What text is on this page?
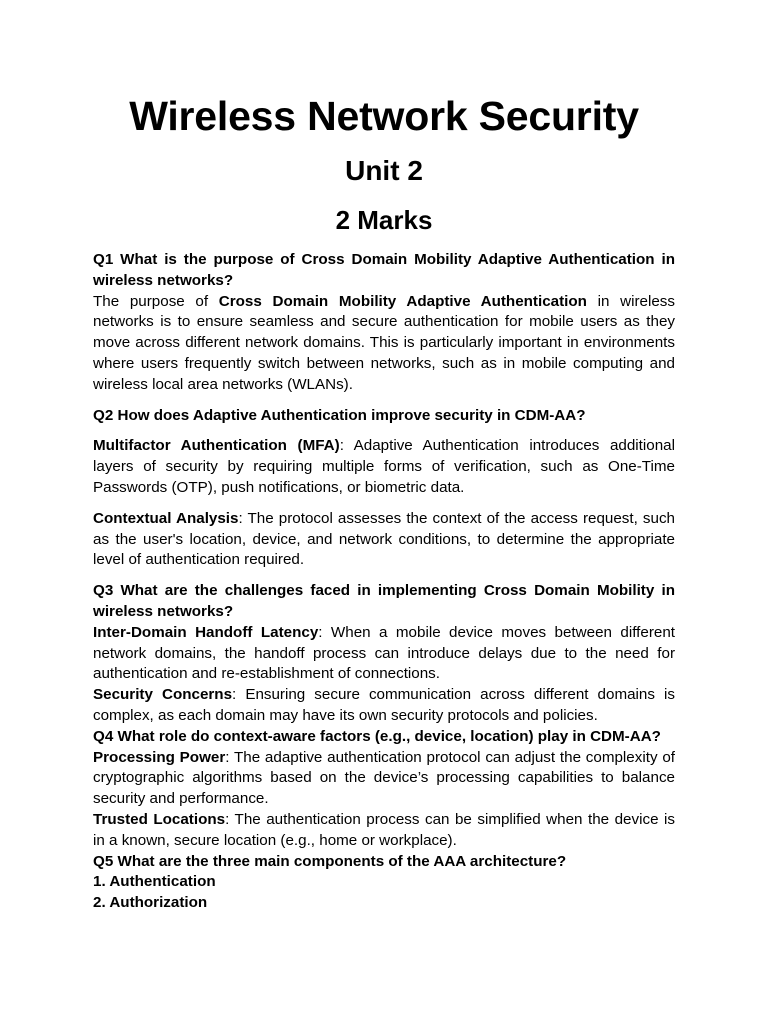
Wireless Network Security
Unit 2
2 Marks

Q1 What is the purpose of Cross Domain Mobility Adaptive Authentication in wireless networks?

The purpose of Cross Domain Mobility Adaptive Authentication in wireless networks is to ensure seamless and secure authentication for mobile users as they move across different network domains. This is particularly important in environments where users frequently switch between networks, such as in mobile computing and wireless local area networks (WLANs).

Q2 How does Adaptive Authentication improve security in CDM-AA?

Multifactor Authentication (MFA): Adaptive Authentication introduces additional layers of security by requiring multiple forms of verification, such as One-Time Passwords (OTP), push notifications, or biometric data.

Contextual Analysis: The protocol assesses the context of the access request, such as the user's location, device, and network conditions, to determine the appropriate level of authentication required.

Q3 What are the challenges faced in implementing Cross Domain Mobility in wireless networks?

Inter-Domain Handoff Latency: When a mobile device moves between different network domains, the handoff process can introduce delays due to the need for authentication and re-establishment of connections.

Security Concerns: Ensuring secure communication across different domains is complex, as each domain may have its own security protocols and policies.

Q4 What role do context-aware factors (e.g., device, location) play in CDM-AA?

Processing Power: The adaptive authentication protocol can adjust the complexity of cryptographic algorithms based on the device’s processing capabilities to balance security and performance.

Trusted Locations: The authentication process can be simplified when the device is in a known, secure location (e.g., home or workplace).

Q5 What are the three main components of the AAA architecture?

1. Authentication

2. Authorization
